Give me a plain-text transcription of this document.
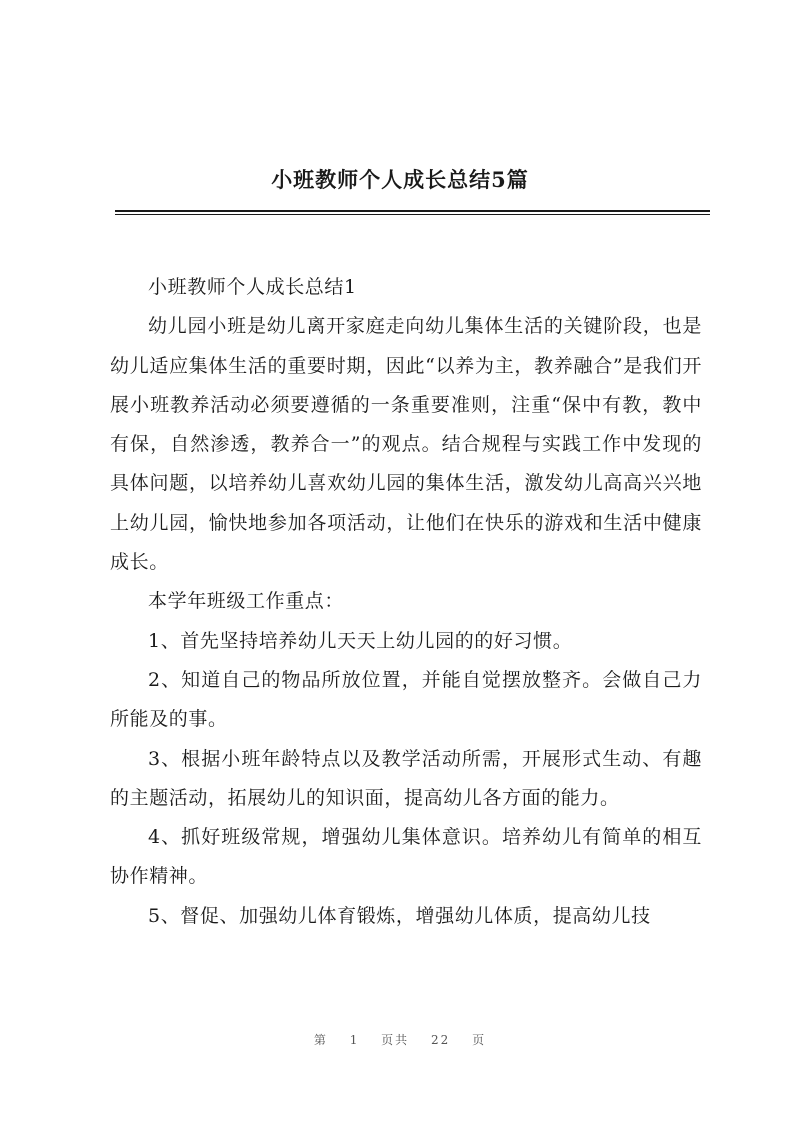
小班教师个人成长总结5篇

小班教师个人成长总结1

幼儿园小班是幼儿离开家庭走向幼儿集体生活的关键阶段，也是幼儿适应集体生活的重要时期，因此“以养为主，教养融合”是我们开展小班教养活动必须要遵循的一条重要准则，注重“保中有教，教中有保，自然渗透，教养合一”的观点。结合规程与实践工作中发现的具体问题，以培养幼儿喜欢幼儿园的集体生活，激发幼儿高高兴兴地上幼儿园，愉快地参加各项活动，让他们在快乐的游戏和生活中健康成长。

本学年班级工作重点：

1、首先坚持培养幼儿天天上幼儿园的的好习惯。

2、知道自己的物品所放位置，并能自觉摆放整齐。会做自己力所能及的事。

3、根据小班年龄特点以及教学活动所需，开展形式生动、有趣的主题活动，拓展幼儿的知识面，提高幼儿各方面的能力。

4、抓好班级常规，增强幼儿集体意识。培养幼儿有简单的相互协作精神。

5、督促、加强幼儿体育锻炼，增强幼儿体质，提高幼儿技

第 1 页共 22 页
